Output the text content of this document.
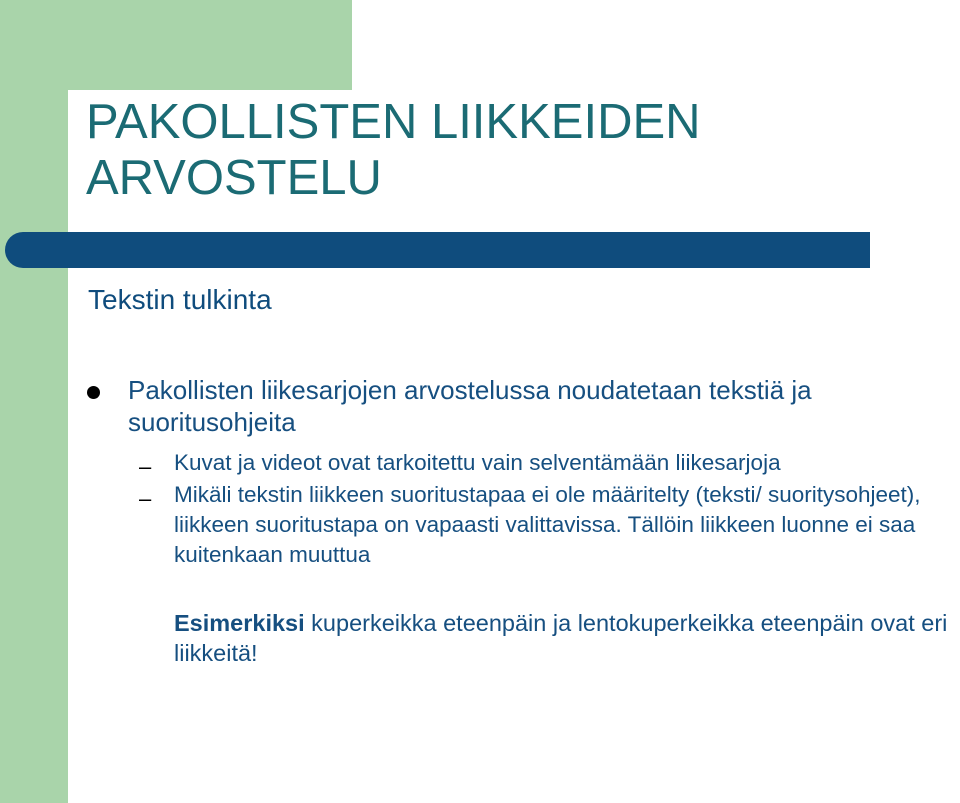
PAKOLLISTEN LIIKKEIDEN
ARVOSTELU
Tekstin tulkinta
Pakollisten liikesarjojen arvostelussa noudatetaan tekstiä ja suoritusohjeita
– Kuvat ja videot ovat tarkoitettu vain selventämään liikesarjoja
– Mikäli tekstin liikkeen suoritustapaa ei ole määritelty (teksti/ suoritysohjeet), liikkeen suoritustapa on vapaasti valittavissa. Tällöin liikkeen luonne ei saa kuitenkaan muuttua
Esimerkiksi kuperkeikka eteenpäin ja lentokuperkeikka eteenpäin ovat eri liikkeitä!
